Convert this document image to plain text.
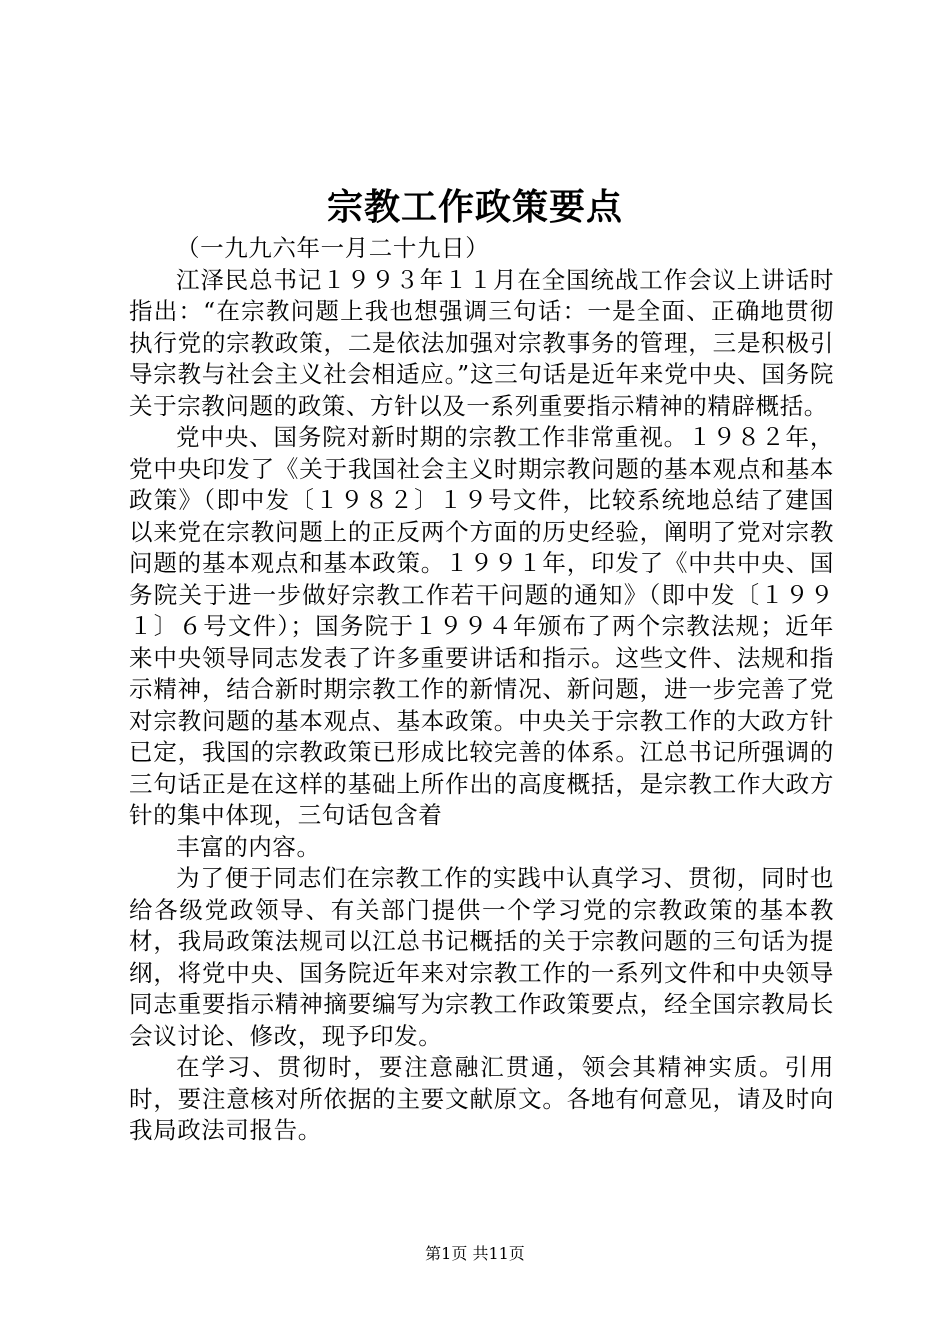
宗教工作政策要点

（一九九六年一月二十九日）

江泽民总书记１９９３年１１月在全国统战工作会议上讲话时指出：“在宗教问题上我也想强调三句话：一是全面、正确地贯彻执行党的宗教政策，二是依法加强对宗教事务的管理，三是积极引导宗教与社会主义社会相适应。”这三句话是近年来党中央、国务院关于宗教问题的政策、方针以及一系列重要指示精神的精辟概括。

党中央、国务院对新时期的宗教工作非常重视。１９８２年，党中央印发了《关于我国社会主义时期宗教问题的基本观点和基本政策》（即中发〔１９８２〕１９号文件，比较系统地总结了建国以来党在宗教问题上的正反两个方面的历史经验，阐明了党对宗教问题的基本观点和基本政策。１９９１年，印发了《中共中央、国务院关于进一步做好宗教工作若干问题的通知》（即中发〔１９９１〕６号文件）；国务院于１９９４年颁布了两个宗教法规；近年来中央领导同志发表了许多重要讲话和指示。这些文件、法规和指示精神，结合新时期宗教工作的新情况、新问题，进一步完善了党对宗教问题的基本观点、基本政策。中央关于宗教工作的大政方针已定，我国的宗教政策已形成比较完善的体系。江总书记所强调的三句话正是在这样的基础上所作出的高度概括，是宗教工作大政方针的集中体现，三句话包含着

丰富的内容。

为了便于同志们在宗教工作的实践中认真学习、贯彻，同时也给各级党政领导、有关部门提供一个学习党的宗教政策的基本教材，我局政策法规司以江总书记概括的关于宗教问题的三句话为提纲，将党中央、国务院近年来对宗教工作的一系列文件和中央领导同志重要指示精神摘要编写为宗教工作政策要点，经全国宗教局长会议讨论、修改，现予印发。

在学习、贯彻时，要注意融汇贯通，领会其精神实质。引用时，要注意核对所依据的主要文献原文。各地有何意见，请及时向我局政法司报告。

第1页 共11页
